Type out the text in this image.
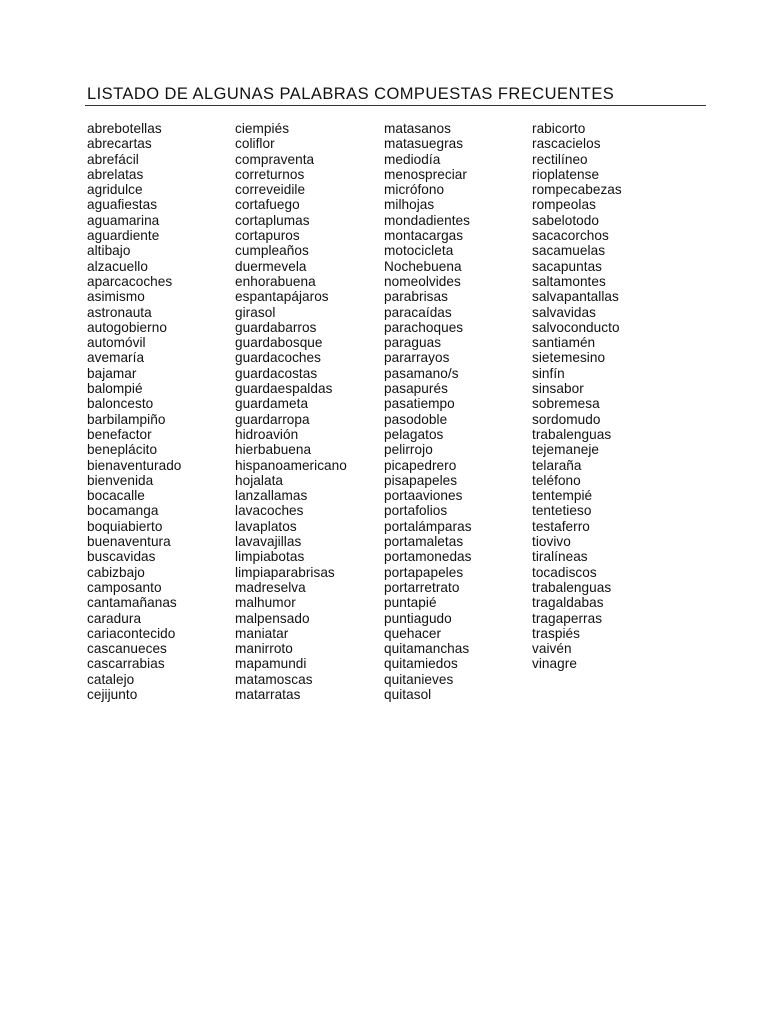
LISTADO DE ALGUNAS PALABRAS COMPUESTAS FRECUENTES
abrebotellas
abrecartas
abrefácil
abrelatas
agridulce
aguafiestas
aguamarina
aguardiente
altibajo
alzacuello
aparcacoches
asimismo
astronauta
autogobierno
automóvil
avemaría
bajamar
balompié
baloncesto
barbilampiño
benefactor
beneplácito
bienaventurado
bienvenida
bocacalle
bocamanga
boquiabierto
buenaventura
buscavidas
cabizbajo
camposanto
cantamañanas
caradura
cariacontecido
cascanueces
cascarrabias
catalejo
cejijunto
ciempiés
coliflor
compraventa
correturnos
correveidile
cortafuego
cortaplumas
cortapuros
cumpleaños
duermevela
enhorabuena
espantapájaros
girasol
guardabarros
guardabosque
guardacoches
guardacostas
guardaespaldas
guardameta
guardarropa
hidroavión
hierbabuena
hispanoamericano
hojalata
lanzallamas
lavacoches
lavaplatos
lavavajillas
limpiabotas
limpiaparabrisas
madreselva
malhumor
malpensado
maniatar
manirroto
mapamundi
matamoscas
matarratas
matasanos
matasuegras
mediodía
menospreciar
micrófono
milhojas
mondadientes
montacargas
motocicleta
Nochebuena
nomeolvides
parabrisas
paracaídas
parachoques
paraguas
pararrayos
pasamano/s
pasapurés
pasatiempo
pasodoble
pelagatos
pelirrojo
picapedrero
pisapapeles
portaaviones
portafolios
portalámparas
portamaletas
portamonedas
portapapeles
portarretrato
puntapié
puntiagudo
quehacer
quitamanchas
quitamiedos
quitanieves
quitasol
rabicorto
rascacielos
rectilíneo
rioplatense
rompecabezas
rompeolas
sabelotodo
sacacorchos
sacamuelas
sacapuntas
saltamontes
salvapantallas
salvavidas
salvoconducto
santiamén
sietemesino
sinfín
sinsabor
sobremesa
sordomudo
trabalenguas
tejemaneje
telaraña
teléfono
tentempié
tentetieso
testaferro
tiovivo
tiralíneas
tocadiscos
trabalenguas
tragaldabas
tragaperras
traspiés
vaivén
vinagre
